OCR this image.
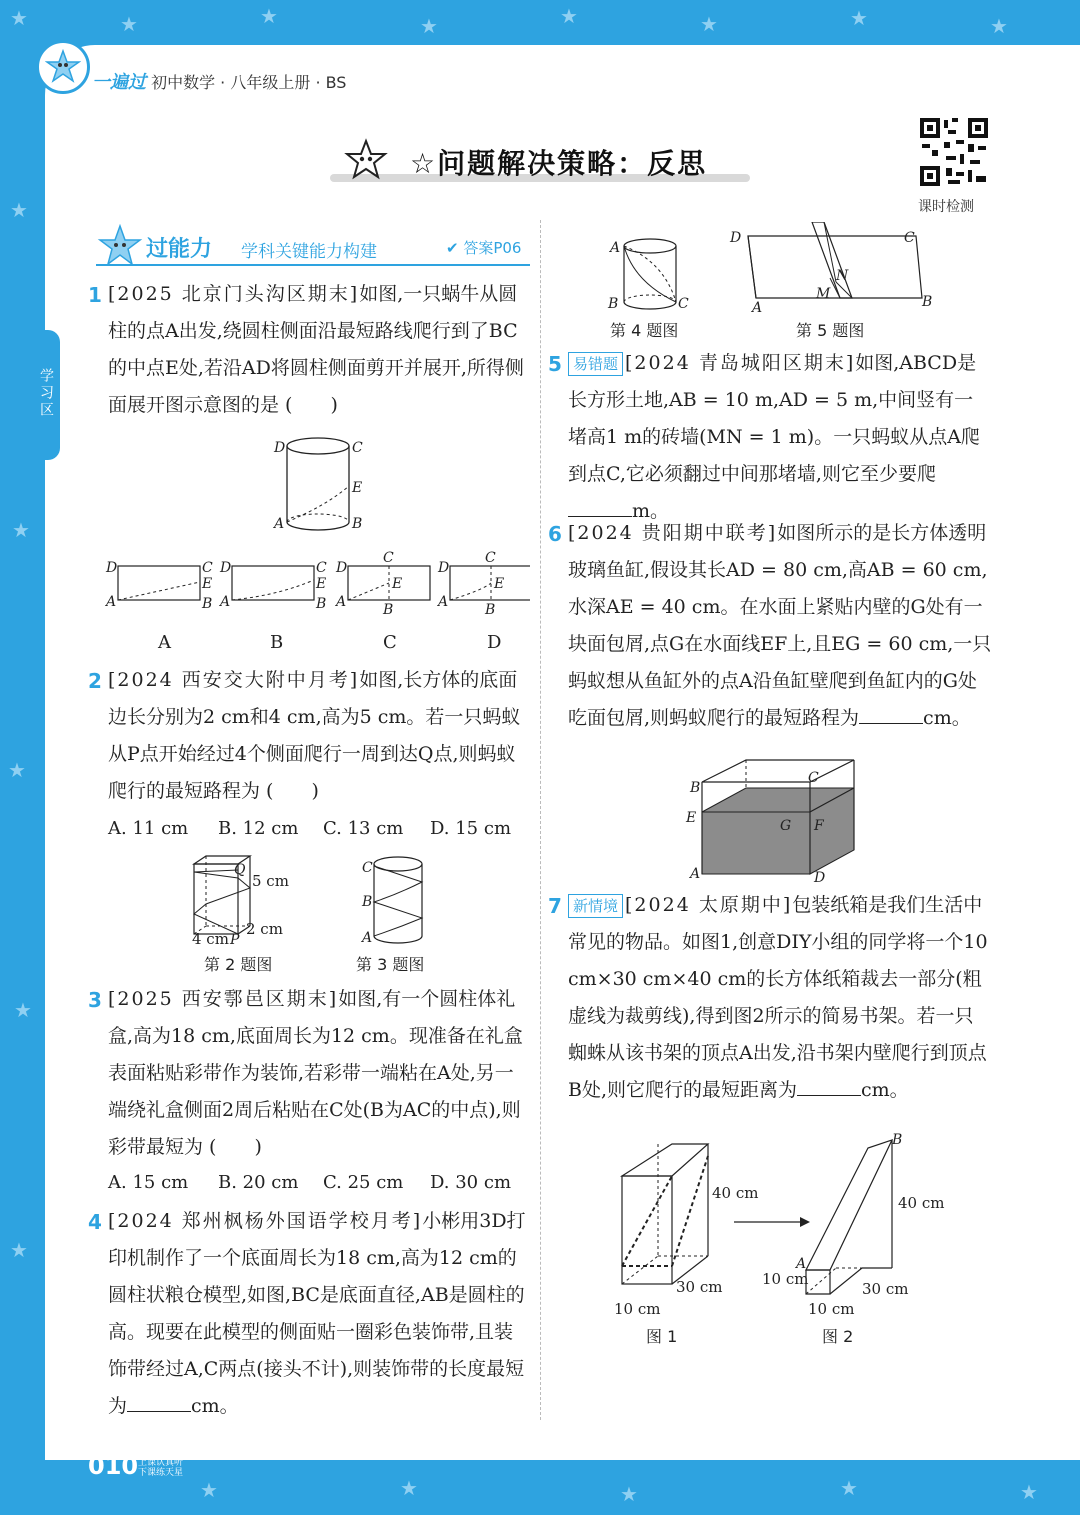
★	★	★	★	★	★	★	★
★
★
★
★
★
★	★	★	★	★
一遍过 初中数学 · 八年级上册 · BS
学习区
☆问题解决策略：反思
课时检测
过能力 学科关键能力构建	✔ 答案P06
1 [2025 北京门头沟区期末]如图,一只蜗牛从圆柱的点A出发,绕圆柱侧面沿最短路线爬行到了BC的中点E处,若沿AD将圆柱侧面剪开并展开,所得侧面展开图示意图的是 (　　)
D	C
E
A	B
D
A
C
E
B
D
A
C
E
B
D
A
C
E
B
D
A
C
E
B
A	B	C	D
2 [2024 西安交大附中月考]如图,长方体的底面边长分别为2 cm和4 cm,高为5 cm。若一只蚂蚁从P点开始经过4个侧面爬行一周到达Q点,则蚂蚁爬行的最短路程为 (　　)
A. 11 cm B. 12 cm C. 13 cm D. 15 cm
Q
P
5 cm
2 cm
4 cm
第 2 题图
C
B
A
第 3 题图
3 [2025 西安鄠邑区期末]如图,有一个圆柱体礼盒,高为18 cm,底面周长为12 cm。现准备在礼盒表面粘贴彩带作为装饰,若彩带一端粘在A处,另一端绕礼盒侧面2周后粘贴在C处(B为AC的中点),则彩带最短为 (　　)
A. 15 cm B. 20 cm C. 25 cm D. 30 cm
4 [2024 郑州枫杨外国语学校月考]小彬用3D打印机制作了一个底面周长为18 cm,高为12 cm的圆柱状粮仓模型,如图,BC是底面直径,AB是圆柱的高。现要在此模型的侧面贴一圈彩色装饰带,且装饰带经过A,C两点(接头不计),则装饰带的长度最短为	cm。
A
B	C
第 4 题图
D	C
A	B
M
N
第 5 题图
5 易错题 [2024 青岛城阳区期末]如图,ABCD是长方形土地,AB = 10 m,AD = 5 m,中间竖有一堵高1 m的砖墙(MN = 1 m)。一只蚂蚁从点A爬到点C,它必须翻过中间那堵墙,则它至少要爬m。
6 [2024 贵阳期中联考]如图所示的是长方体透明玻璃鱼缸,假设其长AD = 80 cm,高AB = 60 cm,水深AE = 40 cm。在水面上紧贴内壁的G处有一块面包屑,点G在水面线EF上,且EG = 60 cm,一只蚂蚁想从鱼缸外的点A沿鱼缸壁爬到鱼缸内的G处吃面包屑,则蚂蚁爬行的最短路程为	cm。
B
C
E	G F
A	D
7 新情境 [2024 太原期中]包装纸箱是我们生活中常见的物品。如图1,创意DIY小组的同学将一个10 cm×30 cm×40 cm的长方体纸箱裁去一部分(粗虚线为裁剪线),得到图2所示的简易书架。若一只蜘蛛从该书架的顶点A出发,沿书架内壁爬行到顶点B处,则它爬行的最短距离为	cm。
40 cm
30 cm
10 cm
图 1
A
B
40 cm
30 cm
10 cm
10 cm
图 2
010 上课认真听
下课练天星
